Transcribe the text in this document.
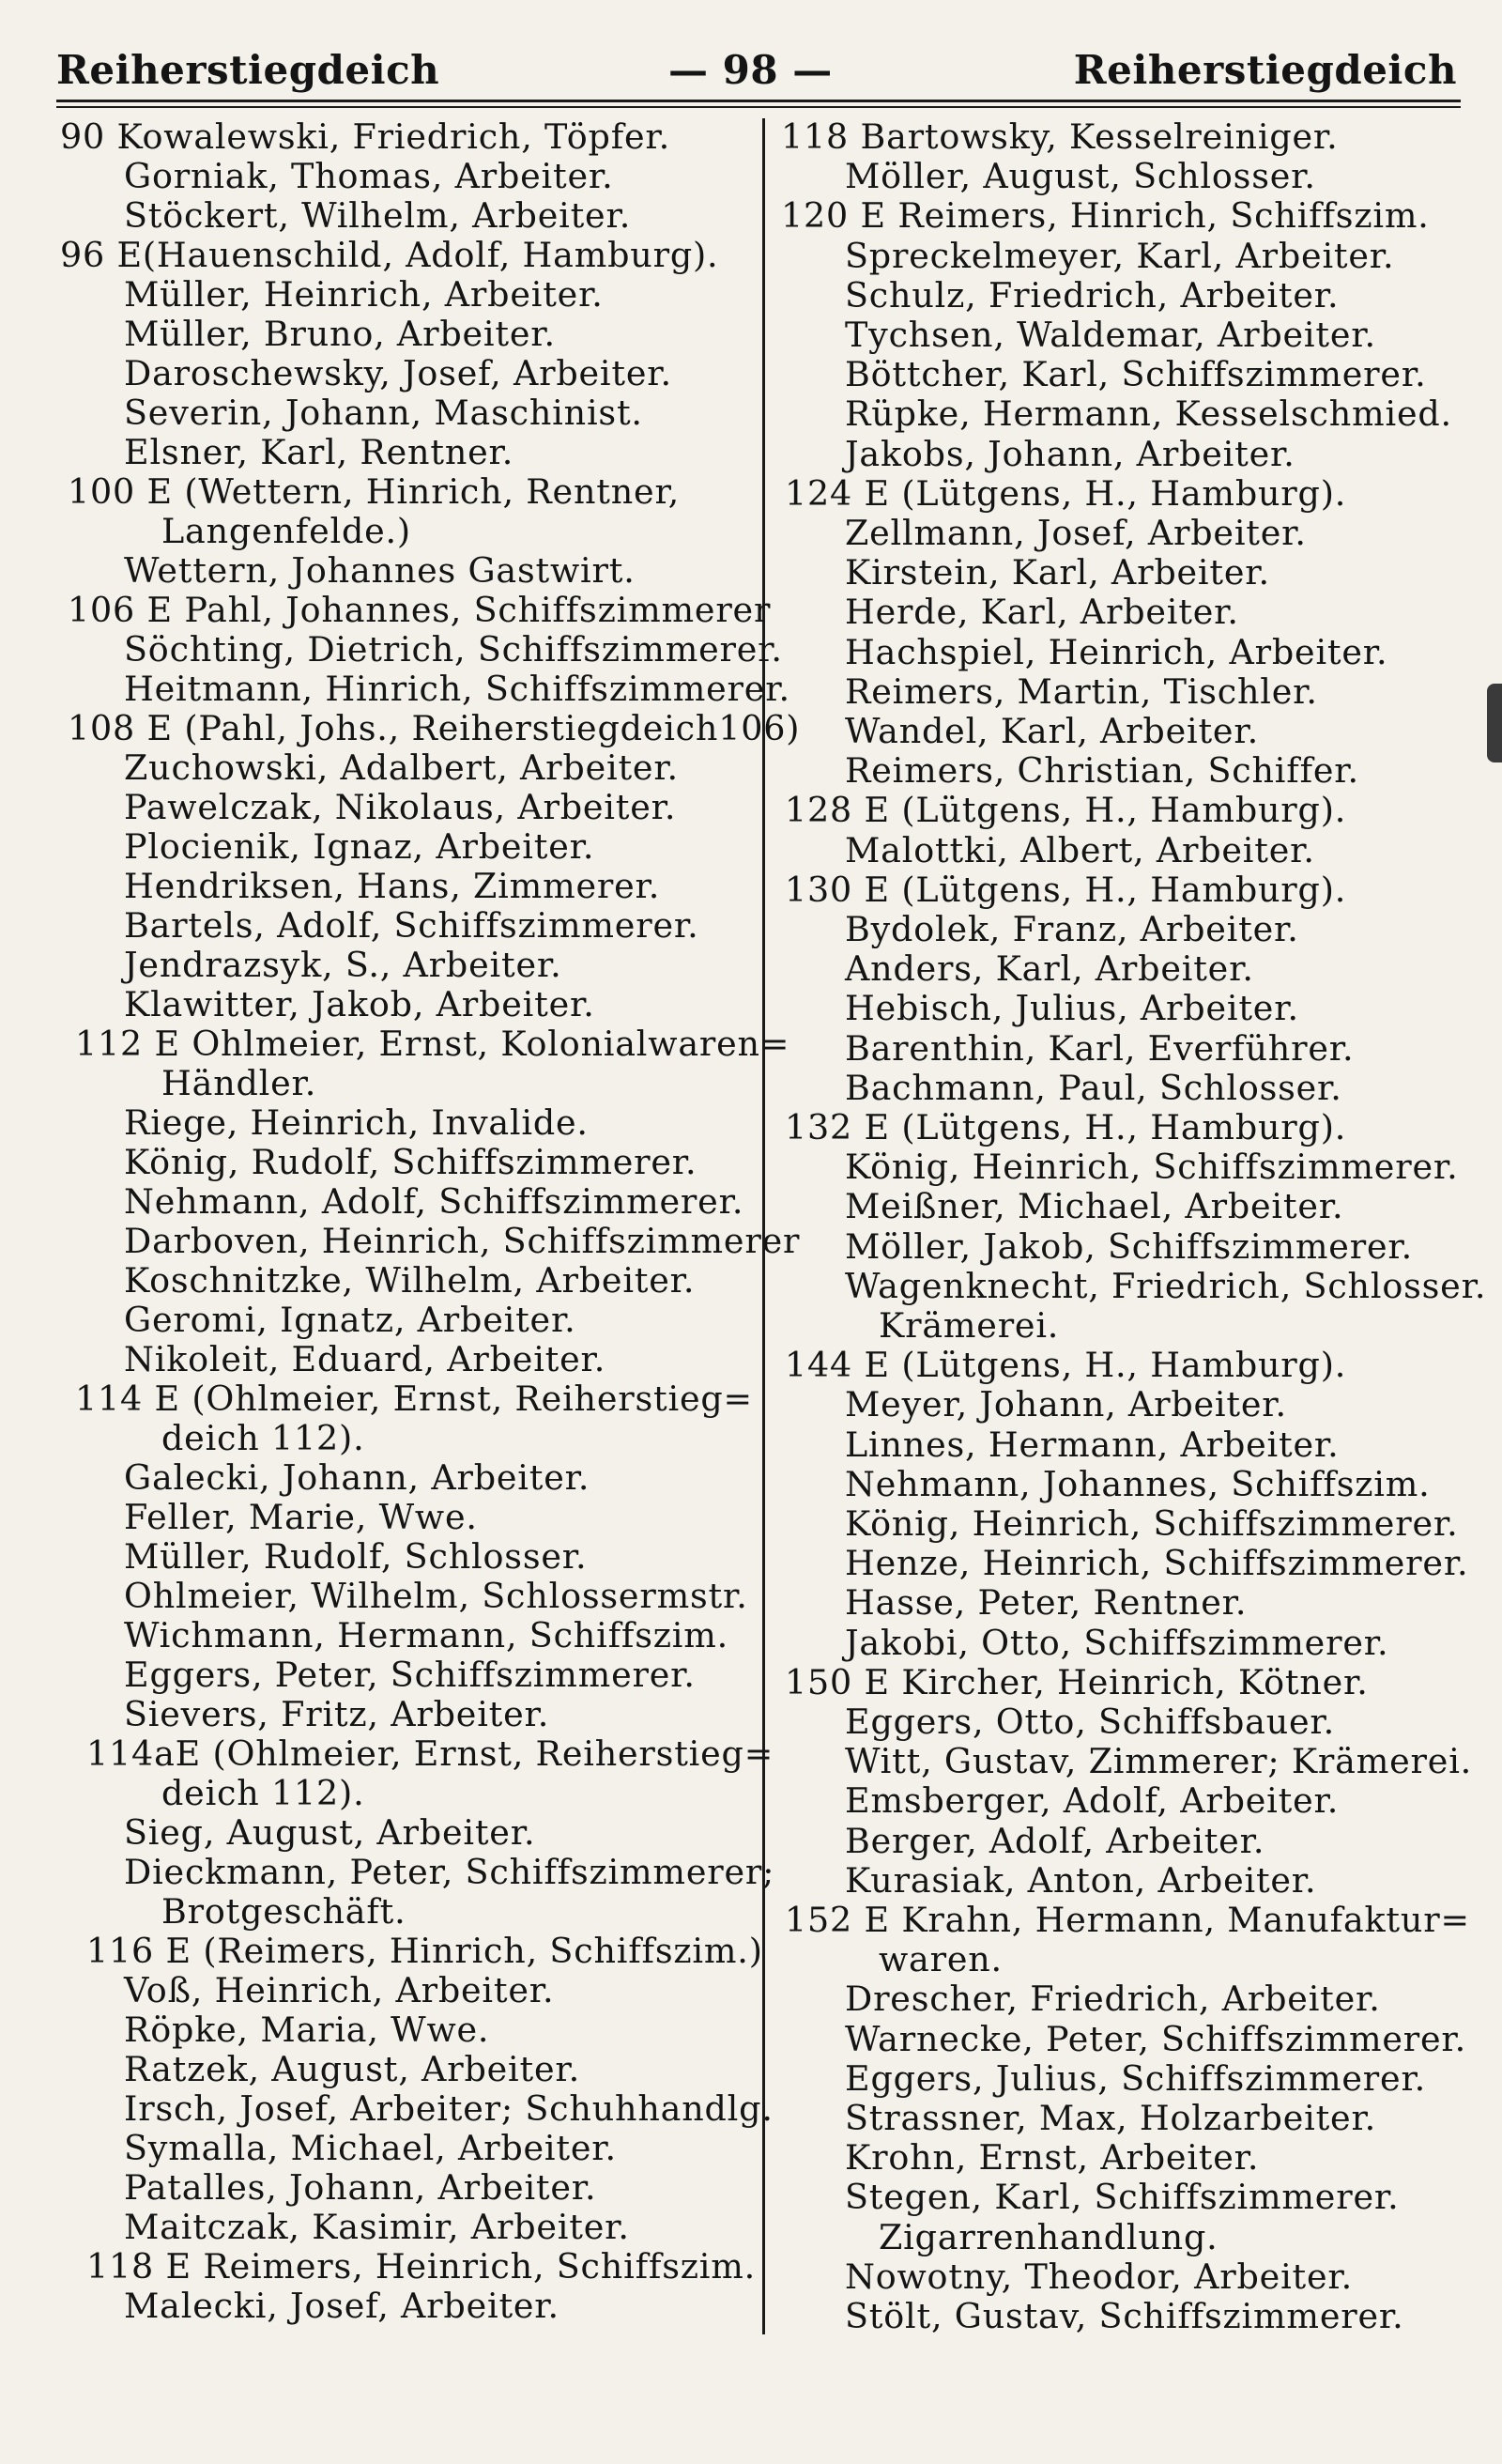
Reiherstiegdeich	— 98 —	Reiherstiegdeich
90 Kowalewski, Friedrich, Töpfer.
Gorniak, Thomas, Arbeiter.
Stöckert, Wilhelm, Arbeiter.
96 E(Hauenschild, Adolf, Hamburg).
Müller, Heinrich, Arbeiter.
Müller, Bruno, Arbeiter.
Daroschewsky, Josef, Arbeiter.
Severin, Johann, Maschinist.
Elsner, Karl, Rentner.
100 E (Wettern, Hinrich, Rentner,
Langenfelde.)
Wettern, Johannes Gastwirt.
106 E Pahl, Johannes, Schiffszimmerer
Söchting, Dietrich, Schiffszimmerer.
Heitmann, Hinrich, Schiffszimmerer.
108 E (Pahl, Johs., Reiherstiegdeich106)
Zuchowski, Adalbert, Arbeiter.
Pawelczak, Nikolaus, Arbeiter.
Plocienik, Ignaz, Arbeiter.
Hendriksen, Hans, Zimmerer.
Bartels, Adolf, Schiffszimmerer.
Jendrazsyk, S., Arbeiter.
Klawitter, Jakob, Arbeiter.
112 E Ohlmeier, Ernst, Kolonialwaren=
Händler.
Riege, Heinrich, Invalide.
König, Rudolf, Schiffszimmerer.
Nehmann, Adolf, Schiffszimmerer.
Darboven, Heinrich, Schiffszimmerer
Koschnitzke, Wilhelm, Arbeiter.
Geromi, Ignatz, Arbeiter.
Nikoleit, Eduard, Arbeiter.
114 E (Ohlmeier, Ernst, Reiherstieg=
deich 112).
Galecki, Johann, Arbeiter.
Feller, Marie, Wwe.
Müller, Rudolf, Schlosser.
Ohlmeier, Wilhelm, Schlossermstr.
Wichmann, Hermann, Schiffszim.
Eggers, Peter, Schiffszimmerer.
Sievers, Fritz, Arbeiter.
114aE (Ohlmeier, Ernst, Reiherstieg=
deich 112).
Sieg, August, Arbeiter.
Dieckmann, Peter, Schiffszimmerer;
Brotgeschäft.
116 E (Reimers, Hinrich, Schiffszim.)
Voß, Heinrich, Arbeiter.
Röpke, Maria, Wwe.
Ratzek, August, Arbeiter.
Irsch, Josef, Arbeiter; Schuhhandlg.
Symalla, Michael, Arbeiter.
Patalles, Johann, Arbeiter.
Maitczak, Kasimir, Arbeiter.
118 E Reimers, Heinrich, Schiffszim.
Malecki, Josef, Arbeiter.
118 Bartowsky, Kesselreiniger.
Möller, August, Schlosser.
120 E Reimers, Hinrich, Schiffszim.
Spreckelmeyer, Karl, Arbeiter.
Schulz, Friedrich, Arbeiter.
Tychsen, Waldemar, Arbeiter.
Böttcher, Karl, Schiffszimmerer.
Rüpke, Hermann, Kesselschmied.
Jakobs, Johann, Arbeiter.
124 E (Lütgens, H., Hamburg).
Zellmann, Josef, Arbeiter.
Kirstein, Karl, Arbeiter.
Herde, Karl, Arbeiter.
Hachspiel, Heinrich, Arbeiter.
Reimers, Martin, Tischler.
Wandel, Karl, Arbeiter.
Reimers, Christian, Schiffer.
128 E (Lütgens, H., Hamburg).
Malottki, Albert, Arbeiter.
130 E (Lütgens, H., Hamburg).
Bydolek, Franz, Arbeiter.
Anders, Karl, Arbeiter.
Hebisch, Julius, Arbeiter.
Barenthin, Karl, Everführer.
Bachmann, Paul, Schlosser.
132 E (Lütgens, H., Hamburg).
König, Heinrich, Schiffszimmerer.
Meißner, Michael, Arbeiter.
Möller, Jakob, Schiffszimmerer.
Wagenknecht, Friedrich, Schlosser.
Krämerei.
144 E (Lütgens, H., Hamburg).
Meyer, Johann, Arbeiter.
Linnes, Hermann, Arbeiter.
Nehmann, Johannes, Schiffszim.
König, Heinrich, Schiffszimmerer.
Henze, Heinrich, Schiffszimmerer.
Hasse, Peter, Rentner.
Jakobi, Otto, Schiffszimmerer.
150 E Kircher, Heinrich, Kötner.
Eggers, Otto, Schiffsbauer.
Witt, Gustav, Zimmerer; Krämerei.
Emsberger, Adolf, Arbeiter.
Berger, Adolf, Arbeiter.
Kurasiak, Anton, Arbeiter.
152 E Krahn, Hermann, Manufaktur=
waren.
Drescher, Friedrich, Arbeiter.
Warnecke, Peter, Schiffszimmerer.
Eggers, Julius, Schiffszimmerer.
Strassner, Max, Holzarbeiter.
Krohn, Ernst, Arbeiter.
Stegen, Karl, Schiffszimmerer.
Zigarrenhandlung.
Nowotny, Theodor, Arbeiter.
Stölt, Gustav, Schiffszimmerer.
